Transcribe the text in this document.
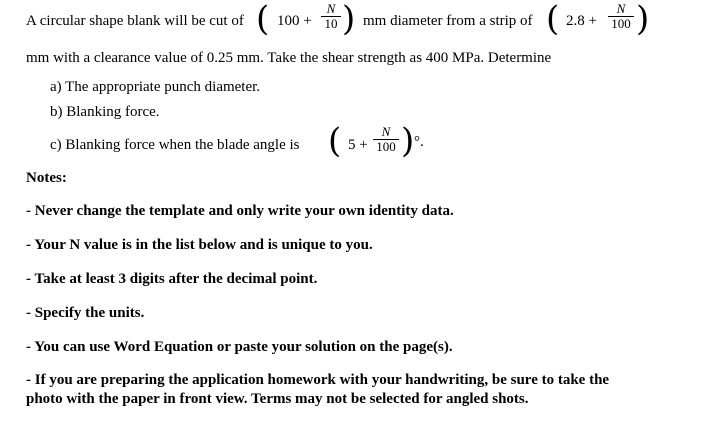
A circular shape blank will be cut of ( 100 +
N
10 ) mm diameter from a strip of ( 2.8 +
N
100 )
mm with a clearance value of 0.25 mm. Take the shear strength as 400 MPa. Determine
a) The appropriate punch diameter.
b) Blanking force.
c) Blanking force when the blade angle is ( 5 +
N
100 ) °.
Notes:
- Never change the template and only write your own identity data.
- Your N value is in the list below and is unique to you.
- Take at least 3 digits after the decimal point.
- Specify the units.
- You can use Word Equation or paste your solution on the page(s).
- If you are preparing the application homework with your handwriting, be sure to take the
photo with the paper in front view. Terms may not be selected for angled shots.
